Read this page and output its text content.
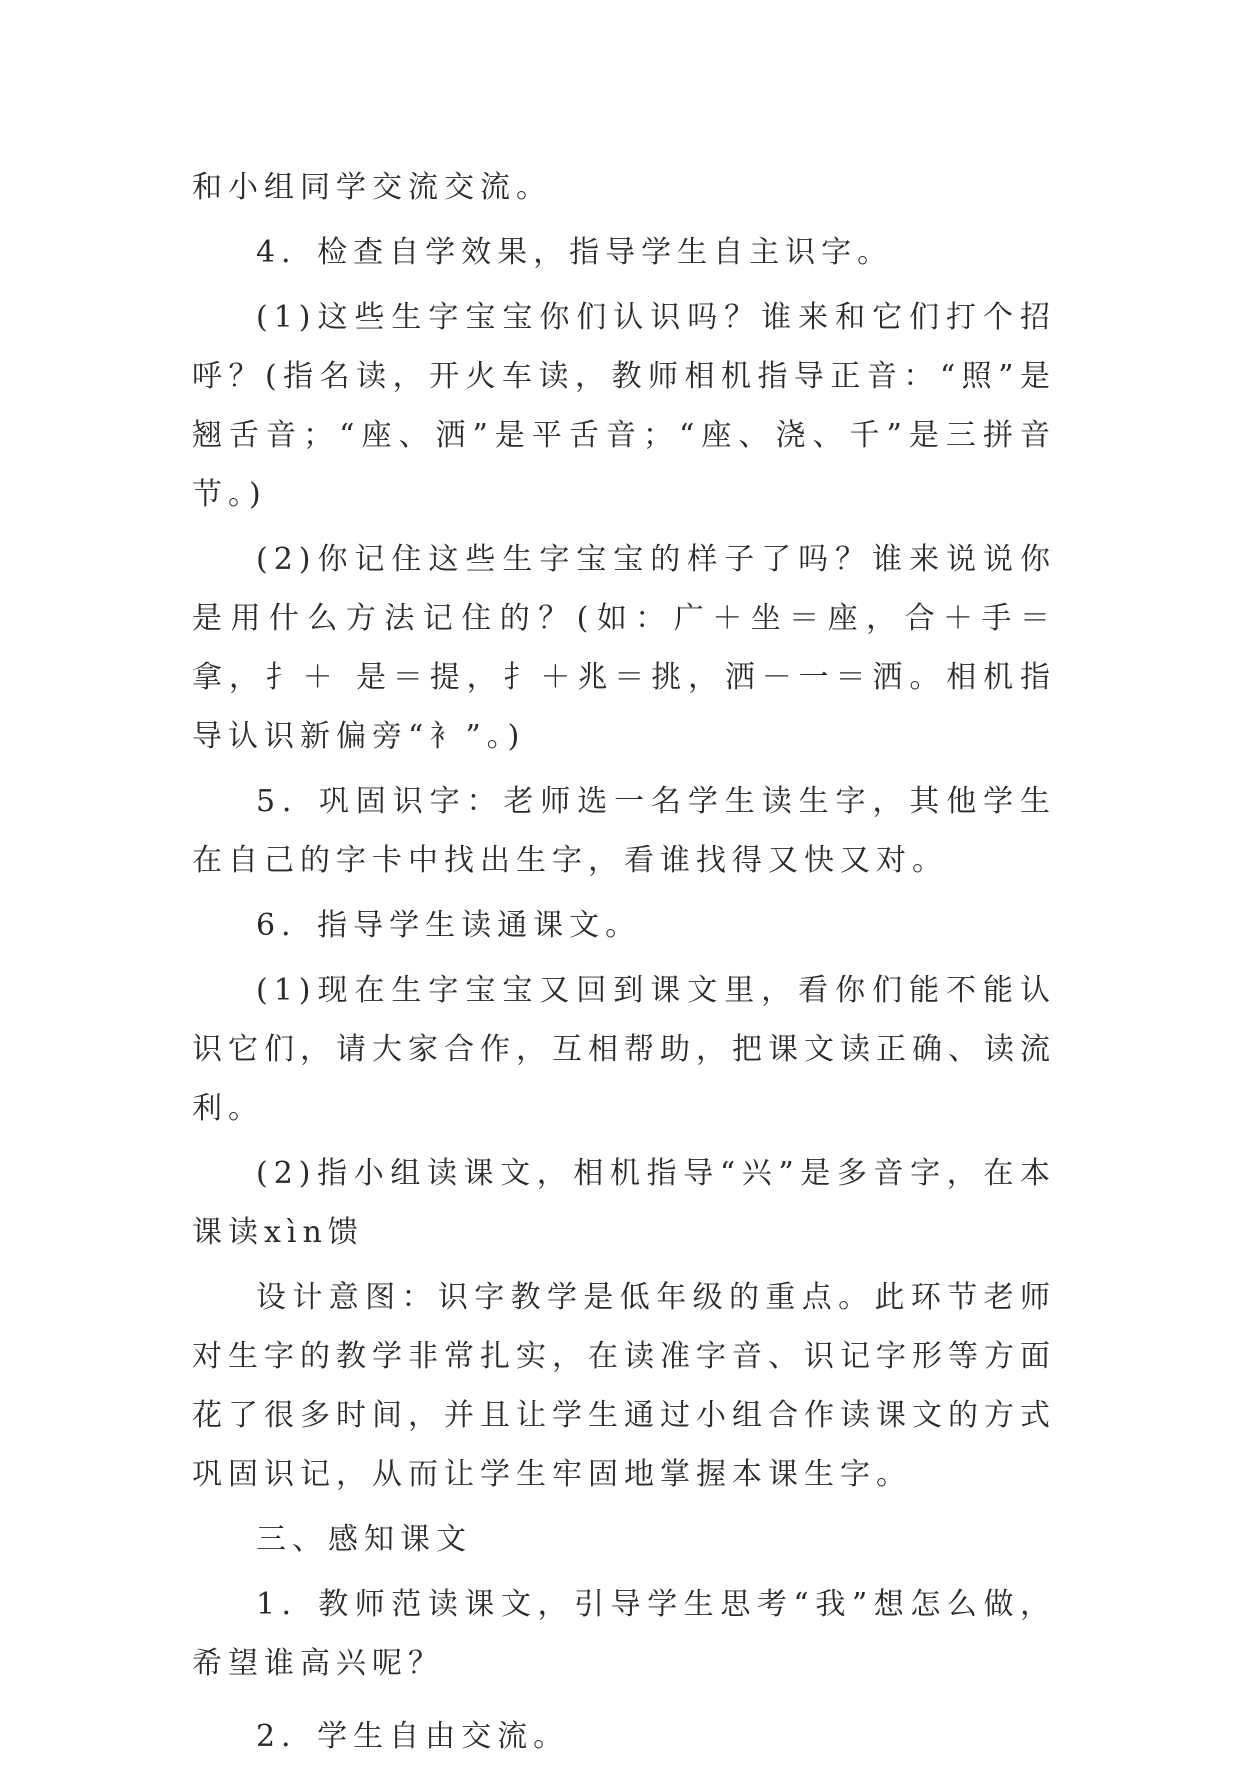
和小组同学交流交流。

4．检查自学效果，指导学生自主识字。

(1)这些生字宝宝你们认识吗？谁来和它们打个招呼？(指名读，开火车读，教师相机指导正音：“照”是翘舌音；“座、洒”是平舌音；“座、浇、千”是三拼音节。)

(2)你记住这些生字宝宝的样子了吗？谁来说说你是用什么方法记住的？(如：广＋坐＝座，合＋手＝拿，扌＋ 是＝提，扌＋兆＝挑，洒－一＝洒。相机指导认识新偏旁“衤”。)

5．巩固识字：老师选一名学生读生字，其他学生在自己的字卡中找出生字，看谁找得又快又对。

6．指导学生读通课文。

(1)现在生字宝宝又回到课文里，看你们能不能认识它们，请大家合作，互相帮助，把课文读正确、读流利。

(2)指小组读课文，相机指导“兴”是多音字，在本课读xìn馈

设计意图：识字教学是低年级的重点。此环节老师对生字的教学非常扎实，在读准字音、识记字形等方面花了很多时间，并且让学生通过小组合作读课文的方式巩固识记，从而让学生牢固地掌握本课生字。

三、感知课文

1．教师范读课文，引导学生思考“我”想怎么做，希望谁高兴呢？

2．学生自由交流。
